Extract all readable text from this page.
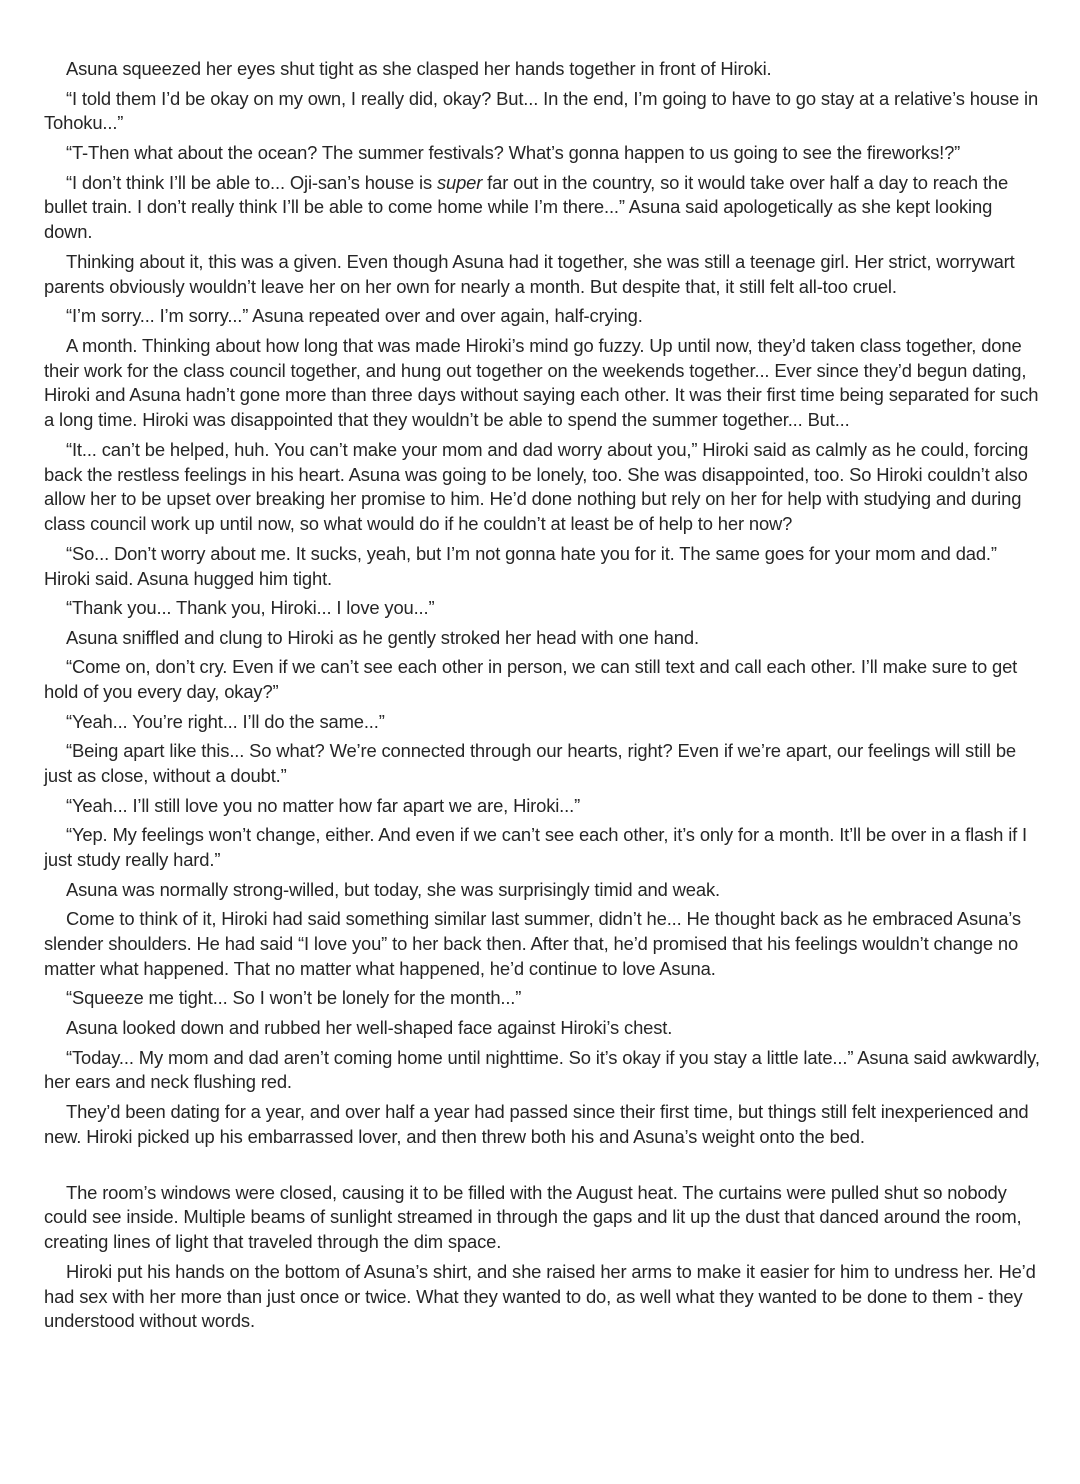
Asuna squeezed her eyes shut tight as she clasped her hands together in front of Hiroki.

“I told them I’d be okay on my own, I really did, okay? But... In the end, I’m going to have to go stay at a relative’s house in Tohoku...”

“T-Then what about the ocean? The summer festivals? What’s gonna happen to us going to see the fireworks!?”

“I don’t think I’ll be able to... Oji-san’s house is super far out in the country, so it would take over half a day to reach the bullet train. I don’t really think I’ll be able to come home while I’m there...” Asuna said apologetically as she kept looking down.

Thinking about it, this was a given. Even though Asuna had it together, she was still a teenage girl. Her strict, worrywart parents obviously wouldn’t leave her on her own for nearly a month. But despite that, it still felt all-too cruel.

“I’m sorry... I’m sorry...” Asuna repeated over and over again, half-crying.

A month. Thinking about how long that was made Hiroki’s mind go fuzzy. Up until now, they’d taken class together, done their work for the class council together, and hung out together on the weekends together... Ever since they’d begun dating, Hiroki and Asuna hadn’t gone more than three days without saying each other. It was their first time being separated for such a long time. Hiroki was disappointed that they wouldn’t be able to spend the summer together... But...

“It... can’t be helped, huh. You can’t make your mom and dad worry about you,” Hiroki said as calmly as he could, forcing back the restless feelings in his heart. Asuna was going to be lonely, too. She was disappointed, too. So Hiroki couldn’t also allow her to be upset over breaking her promise to him. He’d done nothing but rely on her for help with studying and during class council work up until now, so what would do if he couldn’t at least be of help to her now?

“So... Don’t worry about me. It sucks, yeah, but I’m not gonna hate you for it. The same goes for your mom and dad.” Hiroki said. Asuna hugged him tight.

“Thank you... Thank you, Hiroki... I love you...”

Asuna sniffled and clung to Hiroki as he gently stroked her head with one hand.

“Come on, don’t cry. Even if we can’t see each other in person, we can still text and call each other. I’ll make sure to get hold of you every day, okay?”

“Yeah... You’re right... I’ll do the same...”

“Being apart like this... So what? We’re connected through our hearts, right? Even if we’re apart, our feelings will still be just as close, without a doubt.”

“Yeah... I’ll still love you no matter how far apart we are, Hiroki...”

“Yep. My feelings won’t change, either. And even if we can’t see each other, it’s only for a month. It’ll be over in a flash if I just study really hard.”

Asuna was normally strong-willed, but today, she was surprisingly timid and weak.

Come to think of it, Hiroki had said something similar last summer, didn’t he... He thought back as he embraced Asuna’s slender shoulders. He had said “I love you” to her back then. After that, he’d promised that his feelings wouldn’t change no matter what happened. That no matter what happened, he’d continue to love Asuna.

“Squeeze me tight... So I won’t be lonely for the month...”

Asuna looked down and rubbed her well-shaped face against Hiroki’s chest.

“Today... My mom and dad aren’t coming home until nighttime. So it’s okay if you stay a little late...” Asuna said awkwardly, her ears and neck flushing red.

They’d been dating for a year, and over half a year had passed since their first time, but things still felt inexperienced and new. Hiroki picked up his embarrassed lover, and then threw both his and Asuna’s weight onto the bed.

The room’s windows were closed, causing it to be filled with the August heat. The curtains were pulled shut so nobody could see inside. Multiple beams of sunlight streamed in through the gaps and lit up the dust that danced around the room, creating lines of light that traveled through the dim space.

Hiroki put his hands on the bottom of Asuna’s shirt, and she raised her arms to make it easier for him to undress her. He’d had sex with her more than just once or twice. What they wanted to do, as well what they wanted to be done to them - they understood without words.
